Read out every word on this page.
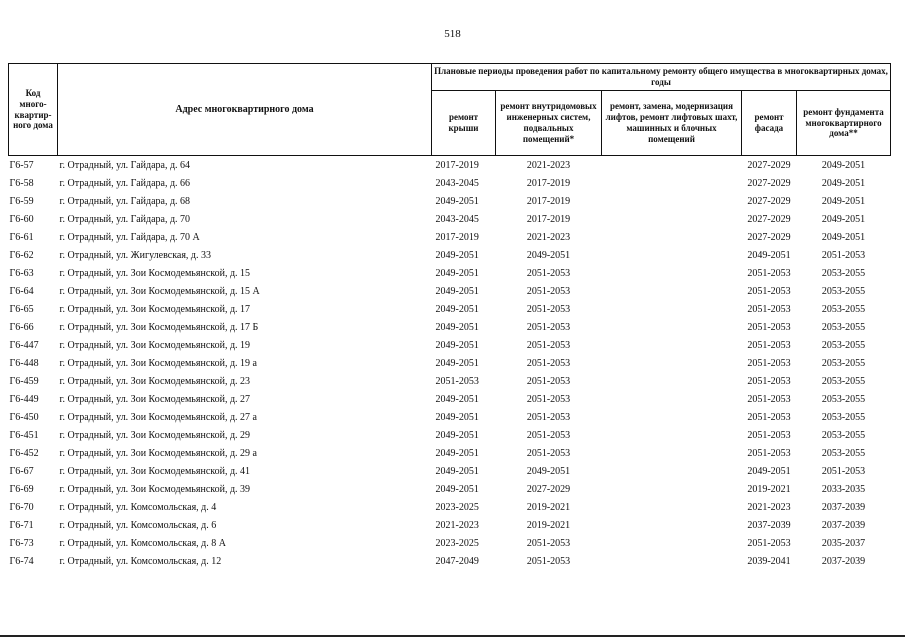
518
Код много-квартир-ного дома	Адрес многоквартирного дома	Плановые периоды проведения работ по капитальному ремонту общего имущества в многоквартирных домах, годы				
		ремонт крыши	ремонт внутридомовых инженерных систем, подвальных помещений*	ремонт, замена, модернизация лифтов, ремонт лифтовых шахт, машинных и блочных помещений	ремонт фасада	ремонт фундамента многоквартирного дома**
Г6-57	г. Отрадный, ул. Гайдара, д. 64	2017-2019	2021-2023		2027-2029	2049-2051
Г6-58	г. Отрадный, ул. Гайдара, д. 66	2043-2045	2017-2019		2027-2029	2049-2051
Г6-59	г. Отрадный, ул. Гайдара, д. 68	2049-2051	2017-2019		2027-2029	2049-2051
Г6-60	г. Отрадный, ул. Гайдара, д. 70	2043-2045	2017-2019		2027-2029	2049-2051
Г6-61	г. Отрадный, ул. Гайдара, д. 70 А	2017-2019	2021-2023		2027-2029	2049-2051
Г6-62	г. Отрадный, ул. Жигулевская, д. 33	2049-2051	2049-2051		2049-2051	2051-2053
Г6-63	г. Отрадный, ул. Зои Космодемьянской, д. 15	2049-2051	2051-2053		2051-2053	2053-2055
Г6-64	г. Отрадный, ул. Зои Космодемьянской, д. 15 А	2049-2051	2051-2053		2051-2053	2053-2055
Г6-65	г. Отрадный, ул. Зои Космодемьянской, д. 17	2049-2051	2051-2053		2051-2053	2053-2055
Г6-66	г. Отрадный, ул. Зои Космодемьянской, д. 17 Б	2049-2051	2051-2053		2051-2053	2053-2055
Г6-447	г. Отрадный, ул. Зои Космодемьянской, д. 19	2049-2051	2051-2053		2051-2053	2053-2055
Г6-448	г. Отрадный, ул. Зои Космодемьянской, д. 19 а	2049-2051	2051-2053		2051-2053	2053-2055
Г6-459	г. Отрадный, ул. Зои Космодемьянской, д. 23	2051-2053	2051-2053		2051-2053	2053-2055
Г6-449	г. Отрадный, ул. Зои Космодемьянской, д. 27	2049-2051	2051-2053		2051-2053	2053-2055
Г6-450	г. Отрадный, ул. Зои Космодемьянской, д. 27 а	2049-2051	2051-2053		2051-2053	2053-2055
Г6-451	г. Отрадный, ул. Зои Космодемьянской, д. 29	2049-2051	2051-2053		2051-2053	2053-2055
Г6-452	г. Отрадный, ул. Зои Космодемьянской, д. 29 а	2049-2051	2051-2053		2051-2053	2053-2055
Г6-67	г. Отрадный, ул. Зои Космодемьянской, д. 41	2049-2051	2049-2051		2049-2051	2051-2053
Г6-69	г. Отрадный, ул. Зои Космодемьянской, д. 39	2049-2051	2027-2029		2019-2021	2033-2035
Г6-70	г. Отрадный, ул. Комсомольская, д. 4	2023-2025	2019-2021		2021-2023	2037-2039
Г6-71	г. Отрадный, ул. Комсомольская, д. 6	2021-2023	2019-2021		2037-2039	2037-2039
Г6-73	г. Отрадный, ул. Комсомольская, д. 8 А	2023-2025	2051-2053		2051-2053	2035-2037
Г6-74	г. Отрадный, ул. Комсомольская, д. 12	2047-2049	2051-2053		2039-2041	2037-2039
